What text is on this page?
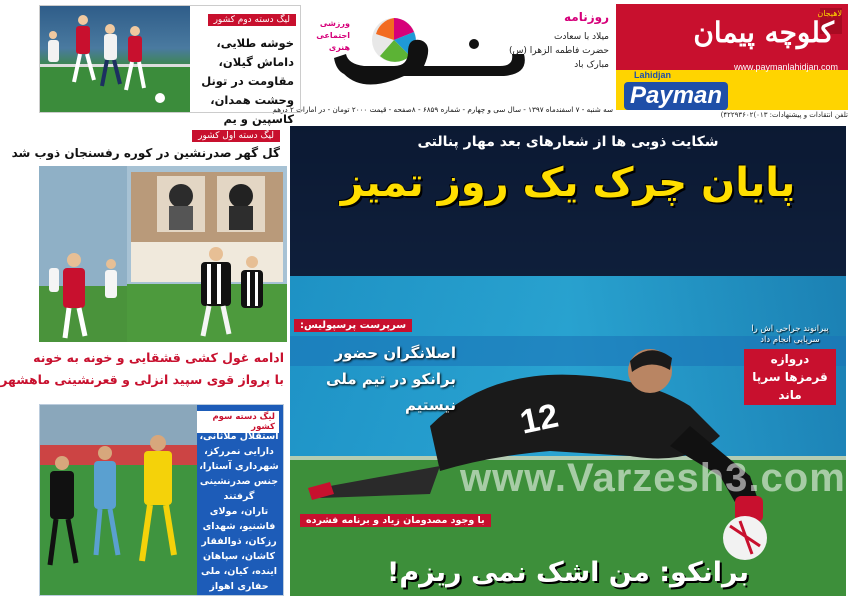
لاهیجان
کلوچه پیمان
www.paymanlahidjan.com
Lahidjan
Payman
تلفن انتقادات و پیشنهادات: ۰۱۳)۴۲۲۹۳۶۰۲)
روزنامه
میلاد با سعادت
حضرت فاطمه الزهرا (س)
مبارک باد
ورزشی
اجتماعی
هنری
سه شنبه - ۷ اسفندماه ۱۳۹۷ - سال سی و چهارم - شماره ۶۸۵۹ - ۸صفحه - قیمت ۲۰۰۰ تومان - در امارات ۲ درهم
لیگ دسته دوم کشور
خوشه طلایی، داماش گیلان، مقاومت در تونل وحشت همدان، کاسپین و یم
لیگ دسته اول کشور
گل گهر صدرنشین در کوره رفسنجان ذوب شد
ادامه غول کشی قشقایی و خونه به خونه
با پرواز قوی سپید انزلی و قعرنشینی ماهشهر
لیگ دسته سوم کشور
استقلال ملاثانی، دارایی نمررکز، شهرداری آستارا، جنس صدرنشینی گرفتند
تاران، مولای فاشنیو، شهدای رزکان، ذوالفقار کاشان، سپاهان اینده، کیان، ملی حفاری اهواز جشن پیروزی
12
شکایت ذوبی ها از شعارهای بعد مهار پنالتی
پایان چرک یک روز تمیز
سرپرست پرسپولیس:
اصلانگران حضور برانکو در تیم ملی نیستیم
پیرانوند جراحی اش را سرپایی انجام داد
دروازه قرمزها سرپا ماند
www.Varzesh3.com
با وجود مصدومان زیاد و برنامه فشرده
برانکو: من اشک نمی ریزم!
